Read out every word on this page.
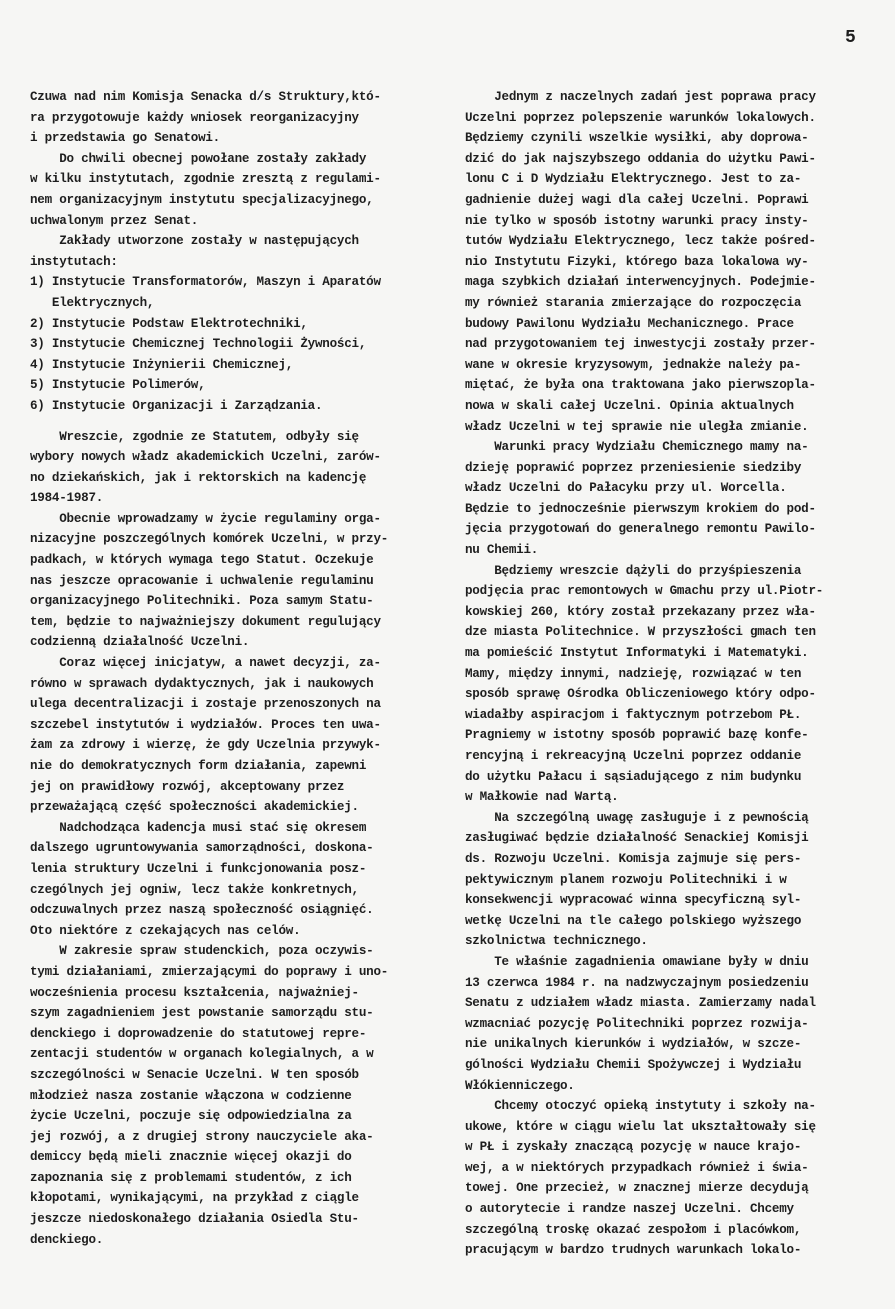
5
Czuwa nad nim Komisja Senacka d/s Struktury,któ-
ra przygotowuje każdy wniosek reorganizacyjny
i przedstawia go Senatowi.
Do chwili obecnej powołane zostały zakłady
w kilku instytutach, zgodnie zresztą z regulami-
nem organizacyjnym instytutu specjalizacyjnego,
uchwalonym przez Senat.
Zakłady utworzone zostały w następujących
instytutach:
1) Instytucie Transformatorów, Maszyn i Aparatów
Elektrycznych,
2) Instytucie Podstaw Elektrotechniki,
3) Instytucie Chemicznej Technologii Żywności,
4) Instytucie Inżynierii Chemicznej,
5) Instytucie Polimerów,
6) Instytucie Organizacji i Zarządzania.
Wreszcie, zgodnie ze Statutem, odbyły się
wybory nowych władz akademickich Uczelni, zarów-
no dziekańskich, jak i rektorskich na kadencję
1984-1987.
Obecnie wprowadzamy w życie regulaminy orga-
nizacyjne poszczególnych komórek Uczelni, w przy-
padkach, w których wymaga tego Statut. Oczekuje
nas jeszcze opracowanie i uchwalenie regulaminu
organizacyjnego Politechniki. Poza samym Statu-
tem, będzie to najważniejszy dokument regulujący
codzienną działalność Uczelni.
Coraz więcej inicjatyw, a nawet decyzji, za-
równo w sprawach dydaktycznych, jak i naukowych
ulega decentralizacji i zostaje przenoszonych na
szczebel instytutów i wydziałów. Proces ten uwa-
żam za zdrowy i wierzę, że gdy Uczelnia przywyk-
nie do demokratycznych form działania, zapewni
jej on prawidłowy rozwój, akceptowany przez
przeważającą część społeczności akademickiej.
Nadchodząca kadencja musi stać się okresem
dalszego ugruntowywania samorządności, doskona-
lenia struktury Uczelni i funkcjonowania posz-
czególnych jej ogniw, lecz także konkretnych,
odczuwalnych przez naszą społeczność osiągnięć.
Oto niektóre z czekających nas celów.
W zakresie spraw studenckich, poza oczywis-
tymi działaniami, zmierzającymi do poprawy i uno-
wocześnienia procesu kształcenia, najważniej-
szym zagadnieniem jest powstanie samorządu stu-
denckiego i doprowadzenie do statutowej repre-
zentacji studentów w organach kolegialnych, a w
szczególności w Senacie Uczelni. W ten sposób
młodzież nasza zostanie włączona w codzienne
życie Uczelni, poczuje się odpowiedzialna za
jej rozwój, a z drugiej strony nauczyciele aka-
demiccy będą mieli znacznie więcej okazji do
zapoznania się z problemami studentów, z ich
kłopotami, wynikającymi, na przykład z ciągle
jeszcze niedoskonałego działania Osiedla Stu-
denckiego.
Jednym z naczelnych zadań jest poprawa pracy
Uczelni poprzez polepszenie warunków lokalowych.
Będziemy czynili wszelkie wysiłki, aby doprowa-
dzić do jak najszybszego oddania do użytku Pawi-
lonu C i D Wydziału Elektrycznego. Jest to za-
gadnienie dużej wagi dla całej Uczelni. Poprawi
nie tylko w sposób istotny warunki pracy insty-
tutów Wydziału Elektrycznego, lecz także pośred-
nio Instytutu Fizyki, którego baza lokalowa wy-
maga szybkich działań interwencyjnych. Podejmie-
my również starania zmierzające do rozpoczęcia
budowy Pawilonu Wydziału Mechanicznego. Prace
nad przygotowaniem tej inwestycji zostały przer-
wane w okresie kryzysowym, jednakże należy pa-
miętać, że była ona traktowana jako pierwszopla-
nowa w skali całej Uczelni. Opinia aktualnych
władz Uczelni w tej sprawie nie uległa zmianie.
Warunki pracy Wydziału Chemicznego mamy na-
dzieję poprawić poprzez przeniesienie siedziby
władz Uczelni do Pałacyku przy ul. Worcella.
Będzie to jednocześnie pierwszym krokiem do pod-
jęcia przygotowań do generalnego remontu Pawilo-
nu Chemii.
Będziemy wreszcie dążyli do przyśpieszenia
podjęcia prac remontowych w Gmachu przy ul.Piotr-
kowskiej 260, który został przekazany przez wła-
dze miasta Politechnice. W przyszłości gmach ten
ma pomieścić Instytut Informatyki i Matematyki.
Mamy, między innymi, nadzieję, rozwiązać w ten
sposób sprawę Ośrodka Obliczeniowego który odpo-
wiadałby aspiracjom i faktycznym potrzebom PŁ.
Pragniemy w istotny sposób poprawić bazę konfe-
rencyjną i rekreacyjną Uczelni poprzez oddanie
do użytku Pałacu i sąsiadującego z nim budynku
w Małkowie nad Wartą.
Na szczególną uwagę zasługuje i z pewnością
zasługiwać będzie działalność Senackiej Komisji
ds. Rozwoju Uczelni. Komisja zajmuje się pers-
pektywicznym planem rozwoju Politechniki i w
konsekwencji wypracować winna specyficzną syl-
wetkę Uczelni na tle całego polskiego wyższego
szkolnictwa technicznego.
Te właśnie zagadnienia omawiane były w dniu
13 czerwca 1984 r. na nadzwyczajnym posiedzeniu
Senatu z udziałem władz miasta. Zamierzamy nadal
wzmacniać pozycję Politechniki poprzez rozwija-
nie unikalnych kierunków i wydziałów, w szcze-
gólności Wydziału Chemii Spożywczej i Wydziału
Włókienniczego.
Chcemy otoczyć opieką instytuty i szkoły na-
ukowe, które w ciągu wielu lat ukształtowały się
w PŁ i zyskały znaczącą pozycję w nauce krajo-
wej, a w niektórych przypadkach również i świa-
towej. One przecież, w znacznej mierze decydują
o autorytecie i randze naszej Uczelni. Chcemy
szczególną troskę okazać zespołom i placówkom,
pracującym w bardzo trudnych warunkach lokalo-
